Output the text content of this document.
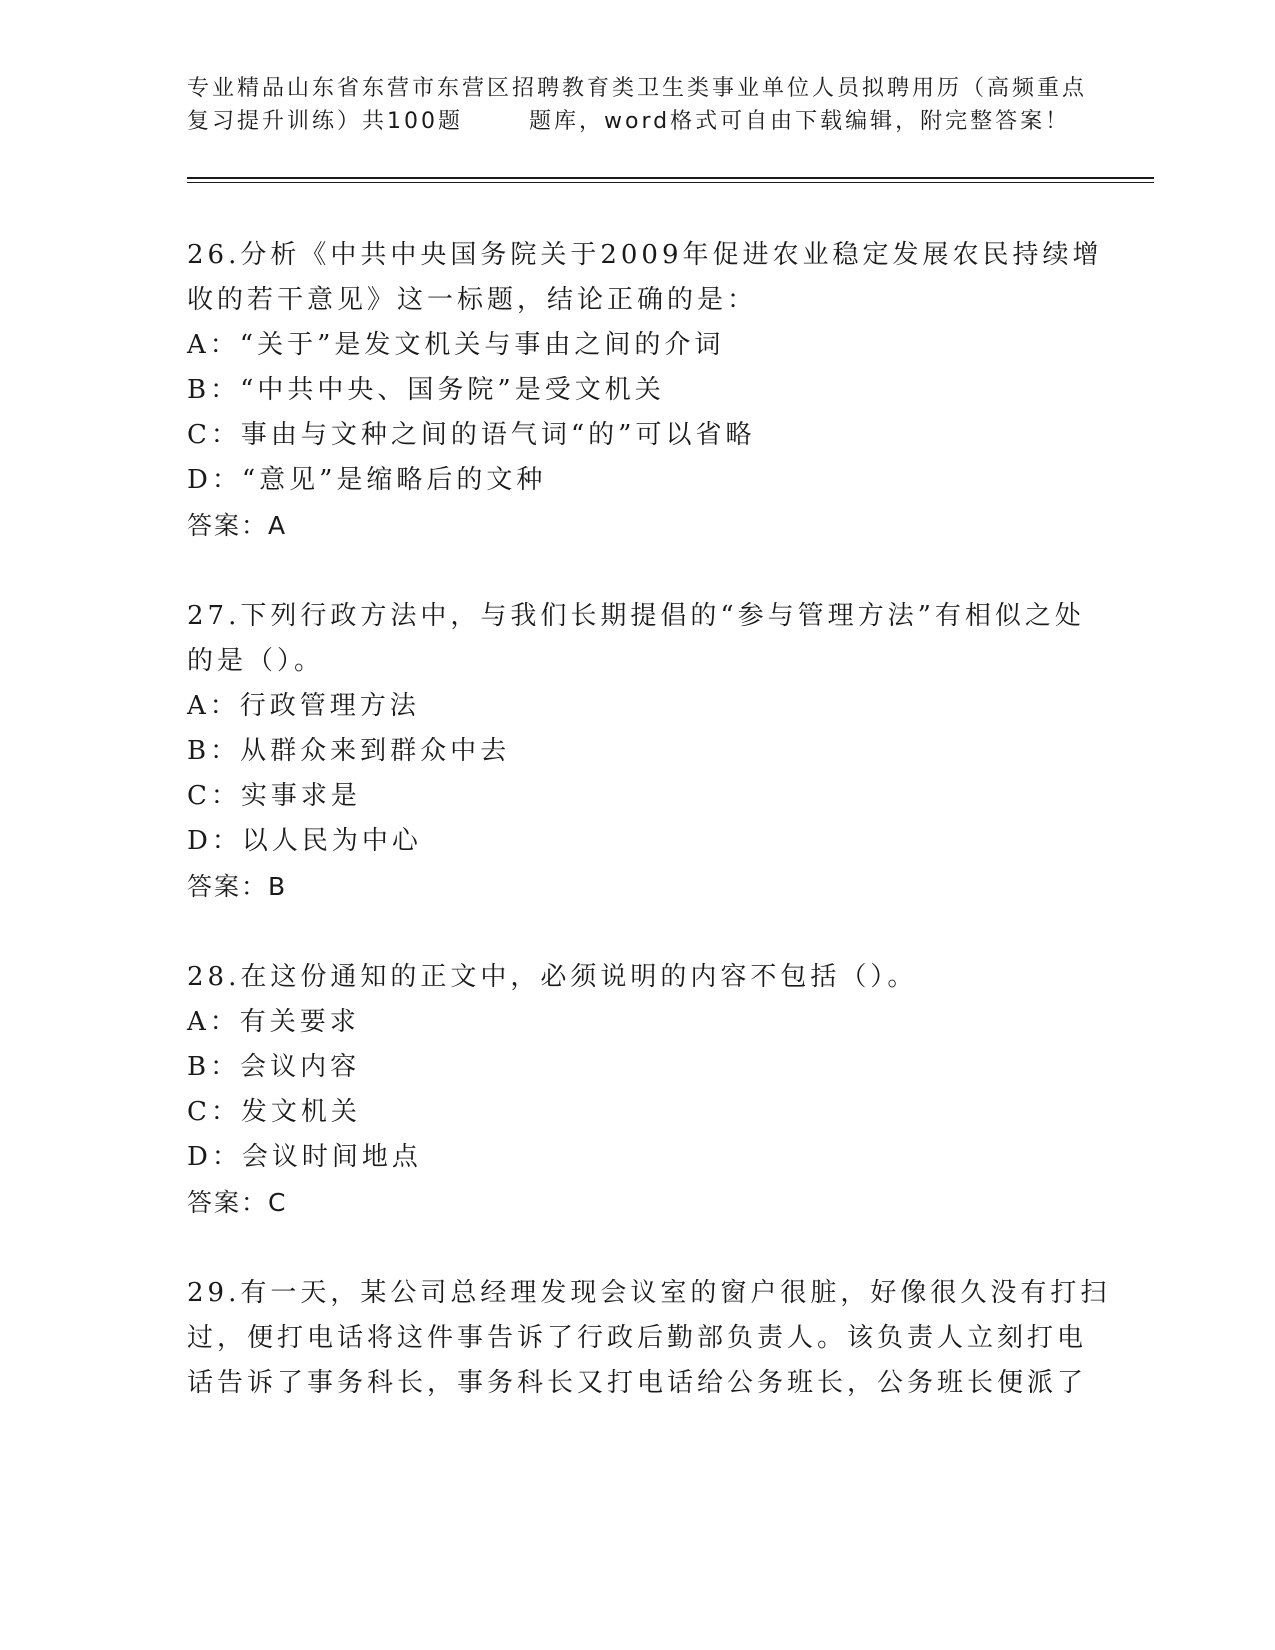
专业精品山东省东营市东营区招聘教育类卫生类事业单位人员拟聘用历（高频重点
复习提升训练）共100题	题库，word格式可自由下载编辑，附完整答案！
26.分析《中共中央国务院关于2009年促进农业稳定发展农民持续增
收的若干意见》这一标题，结论正确的是：
A：“关于”是发文机关与事由之间的介词
B：“中共中央、国务院”是受文机关
C：事由与文种之间的语气词“的”可以省略
D：“意见”是缩略后的文种
答案：A
27.下列行政方法中，与我们长期提倡的“参与管理方法”有相似之处
的是（）。
A：行政管理方法
B：从群众来到群众中去
C：实事求是
D：以人民为中心
答案：B
28.在这份通知的正文中，必须说明的内容不包括（）。
A：有关要求
B：会议内容
C：发文机关
D：会议时间地点
答案：C
29.有一天，某公司总经理发现会议室的窗户很脏，好像很久没有打扫
过，便打电话将这件事告诉了行政后勤部负责人。该负责人立刻打电
话告诉了事务科长，事务科长又打电话给公务班长，公务班长便派了
